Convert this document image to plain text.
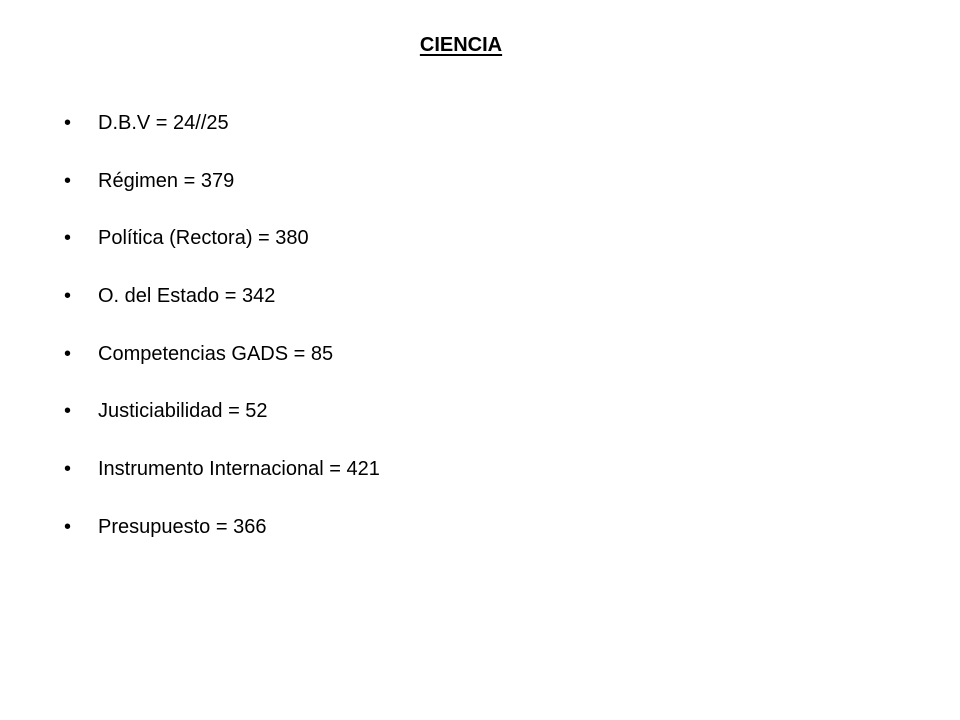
CIENCIA
•	D.B.V = 24//25
•	Régimen = 379
•	Política (Rectora) = 380
•	O. del Estado = 342
•	Competencias GADS = 85
•	Justiciabilidad = 52
•	Instrumento Internacional = 421
•	Presupuesto = 366
